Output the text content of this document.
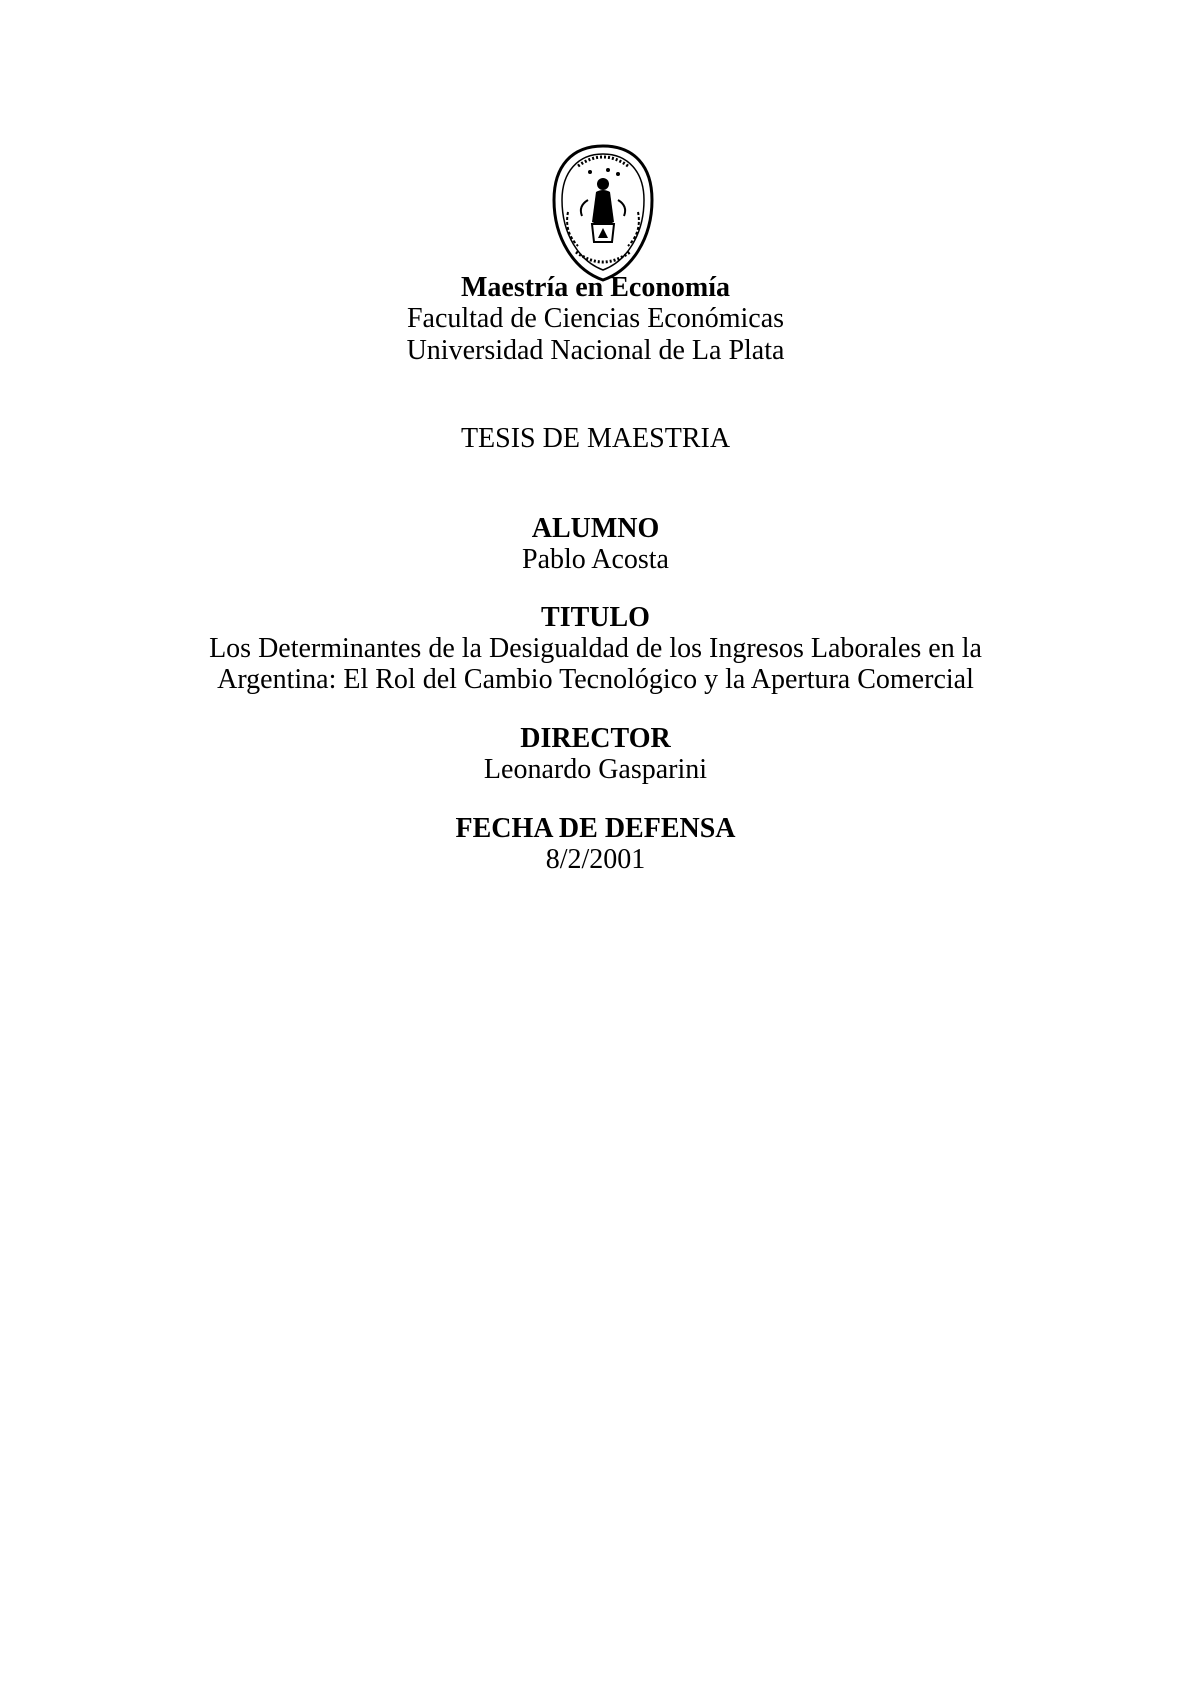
Maestría en Economía
Facultad de Ciencias Económicas
Universidad Nacional de La Plata
TESIS DE MAESTRIA
ALUMNO
Pablo Acosta
TITULO
Los Determinantes de la Desigualdad de los Ingresos Laborales en la
Argentina: El Rol del Cambio Tecnológico y la Apertura Comercial
DIRECTOR
Leonardo Gasparini
FECHA DE DEFENSA
8/2/2001
